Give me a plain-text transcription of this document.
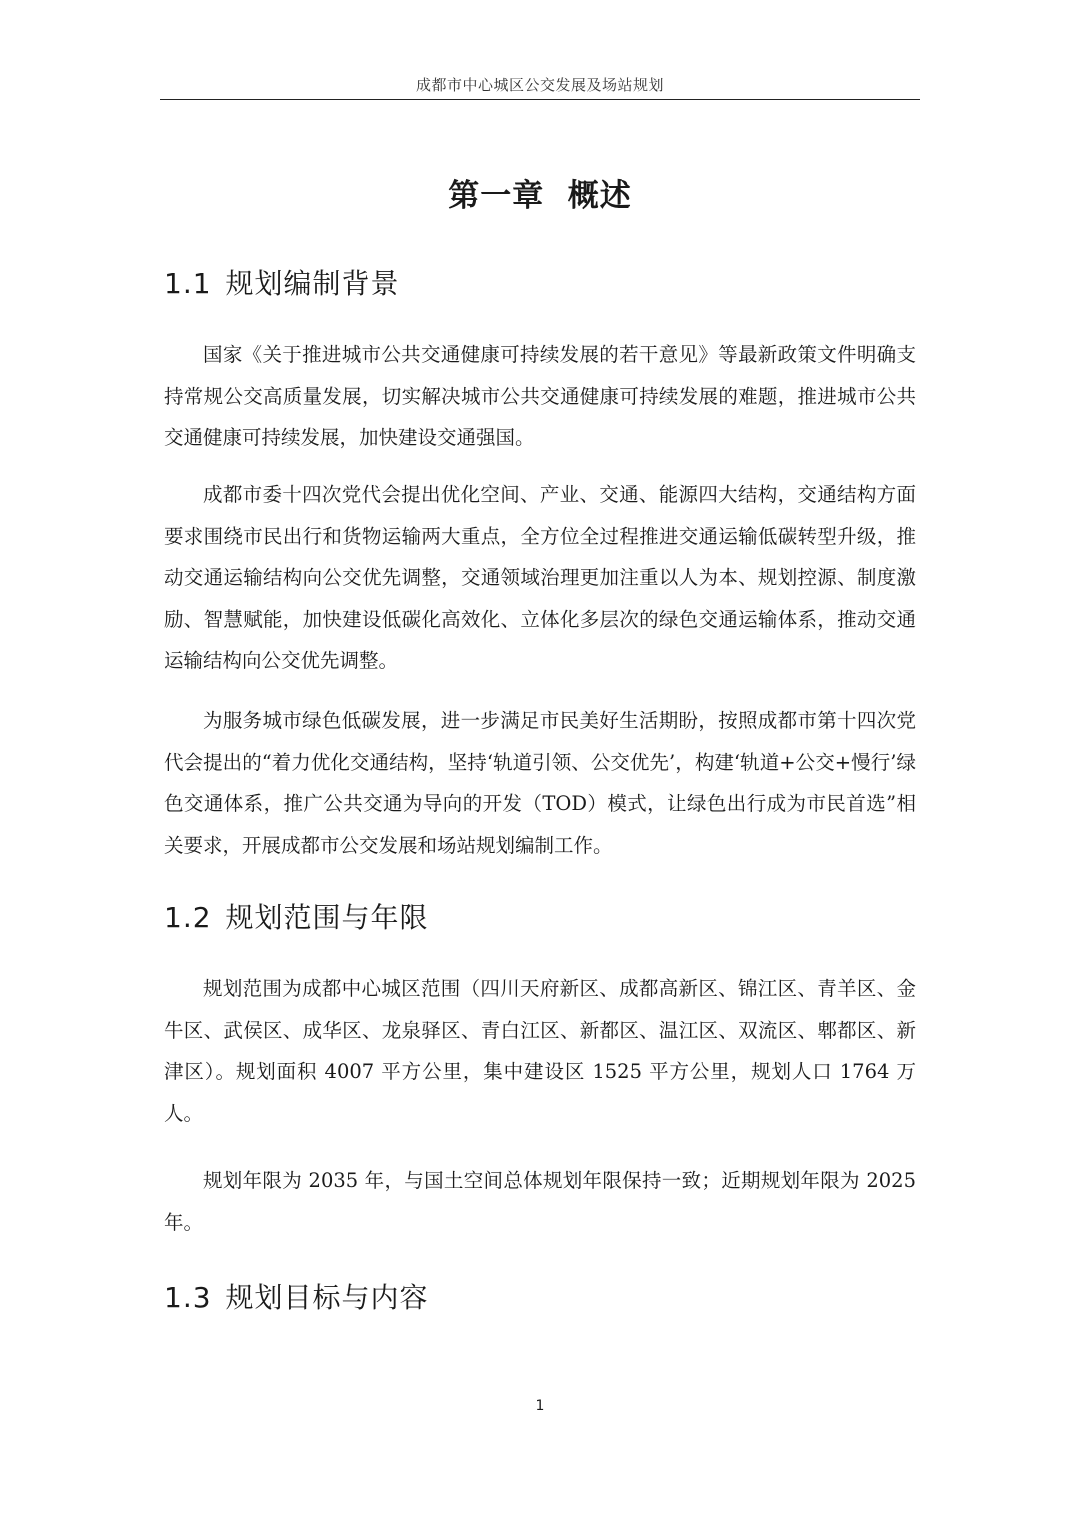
成都市中心城区公交发展及场站规划
第一章  概述
1.1 规划编制背景

国家《关于推进城市公共交通健康可持续发展的若干意见》等最新政策文件明确支持常规公交高质量发展，切实解决城市公共交通健康可持续发展的难题，推进城市公共交通健康可持续发展，加快建设交通强国。

成都市委十四次党代会提出优化空间、产业、交通、能源四大结构，交通结构方面要求围绕市民出行和货物运输两大重点，全方位全过程推进交通运输低碳转型升级，推动交通运输结构向公交优先调整，交通领域治理更加注重以人为本、规划控源、制度激励、智慧赋能，加快建设低碳化高效化、立体化多层次的绿色交通运输体系，推动交通运输结构向公交优先调整。

为服务城市绿色低碳发展，进一步满足市民美好生活期盼，按照成都市第十四次党代会提出的“着力优化交通结构，坚持‘轨道引领、公交优先’，构建‘轨道+公交+慢行’绿色交通体系，推广公共交通为导向的开发（TOD）模式，让绿色出行成为市民首选”相关要求，开展成都市公交发展和场站规划编制工作。

1.2 规划范围与年限

规划范围为成都中心城区范围（四川天府新区、成都高新区、锦江区、青羊区、金牛区、武侯区、成华区、龙泉驿区、青白江区、新都区、温江区、双流区、郫都区、新津区）。规划面积 4007 平方公里，集中建设区 1525 平方公里，规划人口 1764 万人。

规划年限为 2035 年，与国土空间总体规划年限保持一致；近期规划年限为 2025 年。

1.3 规划目标与内容
1
